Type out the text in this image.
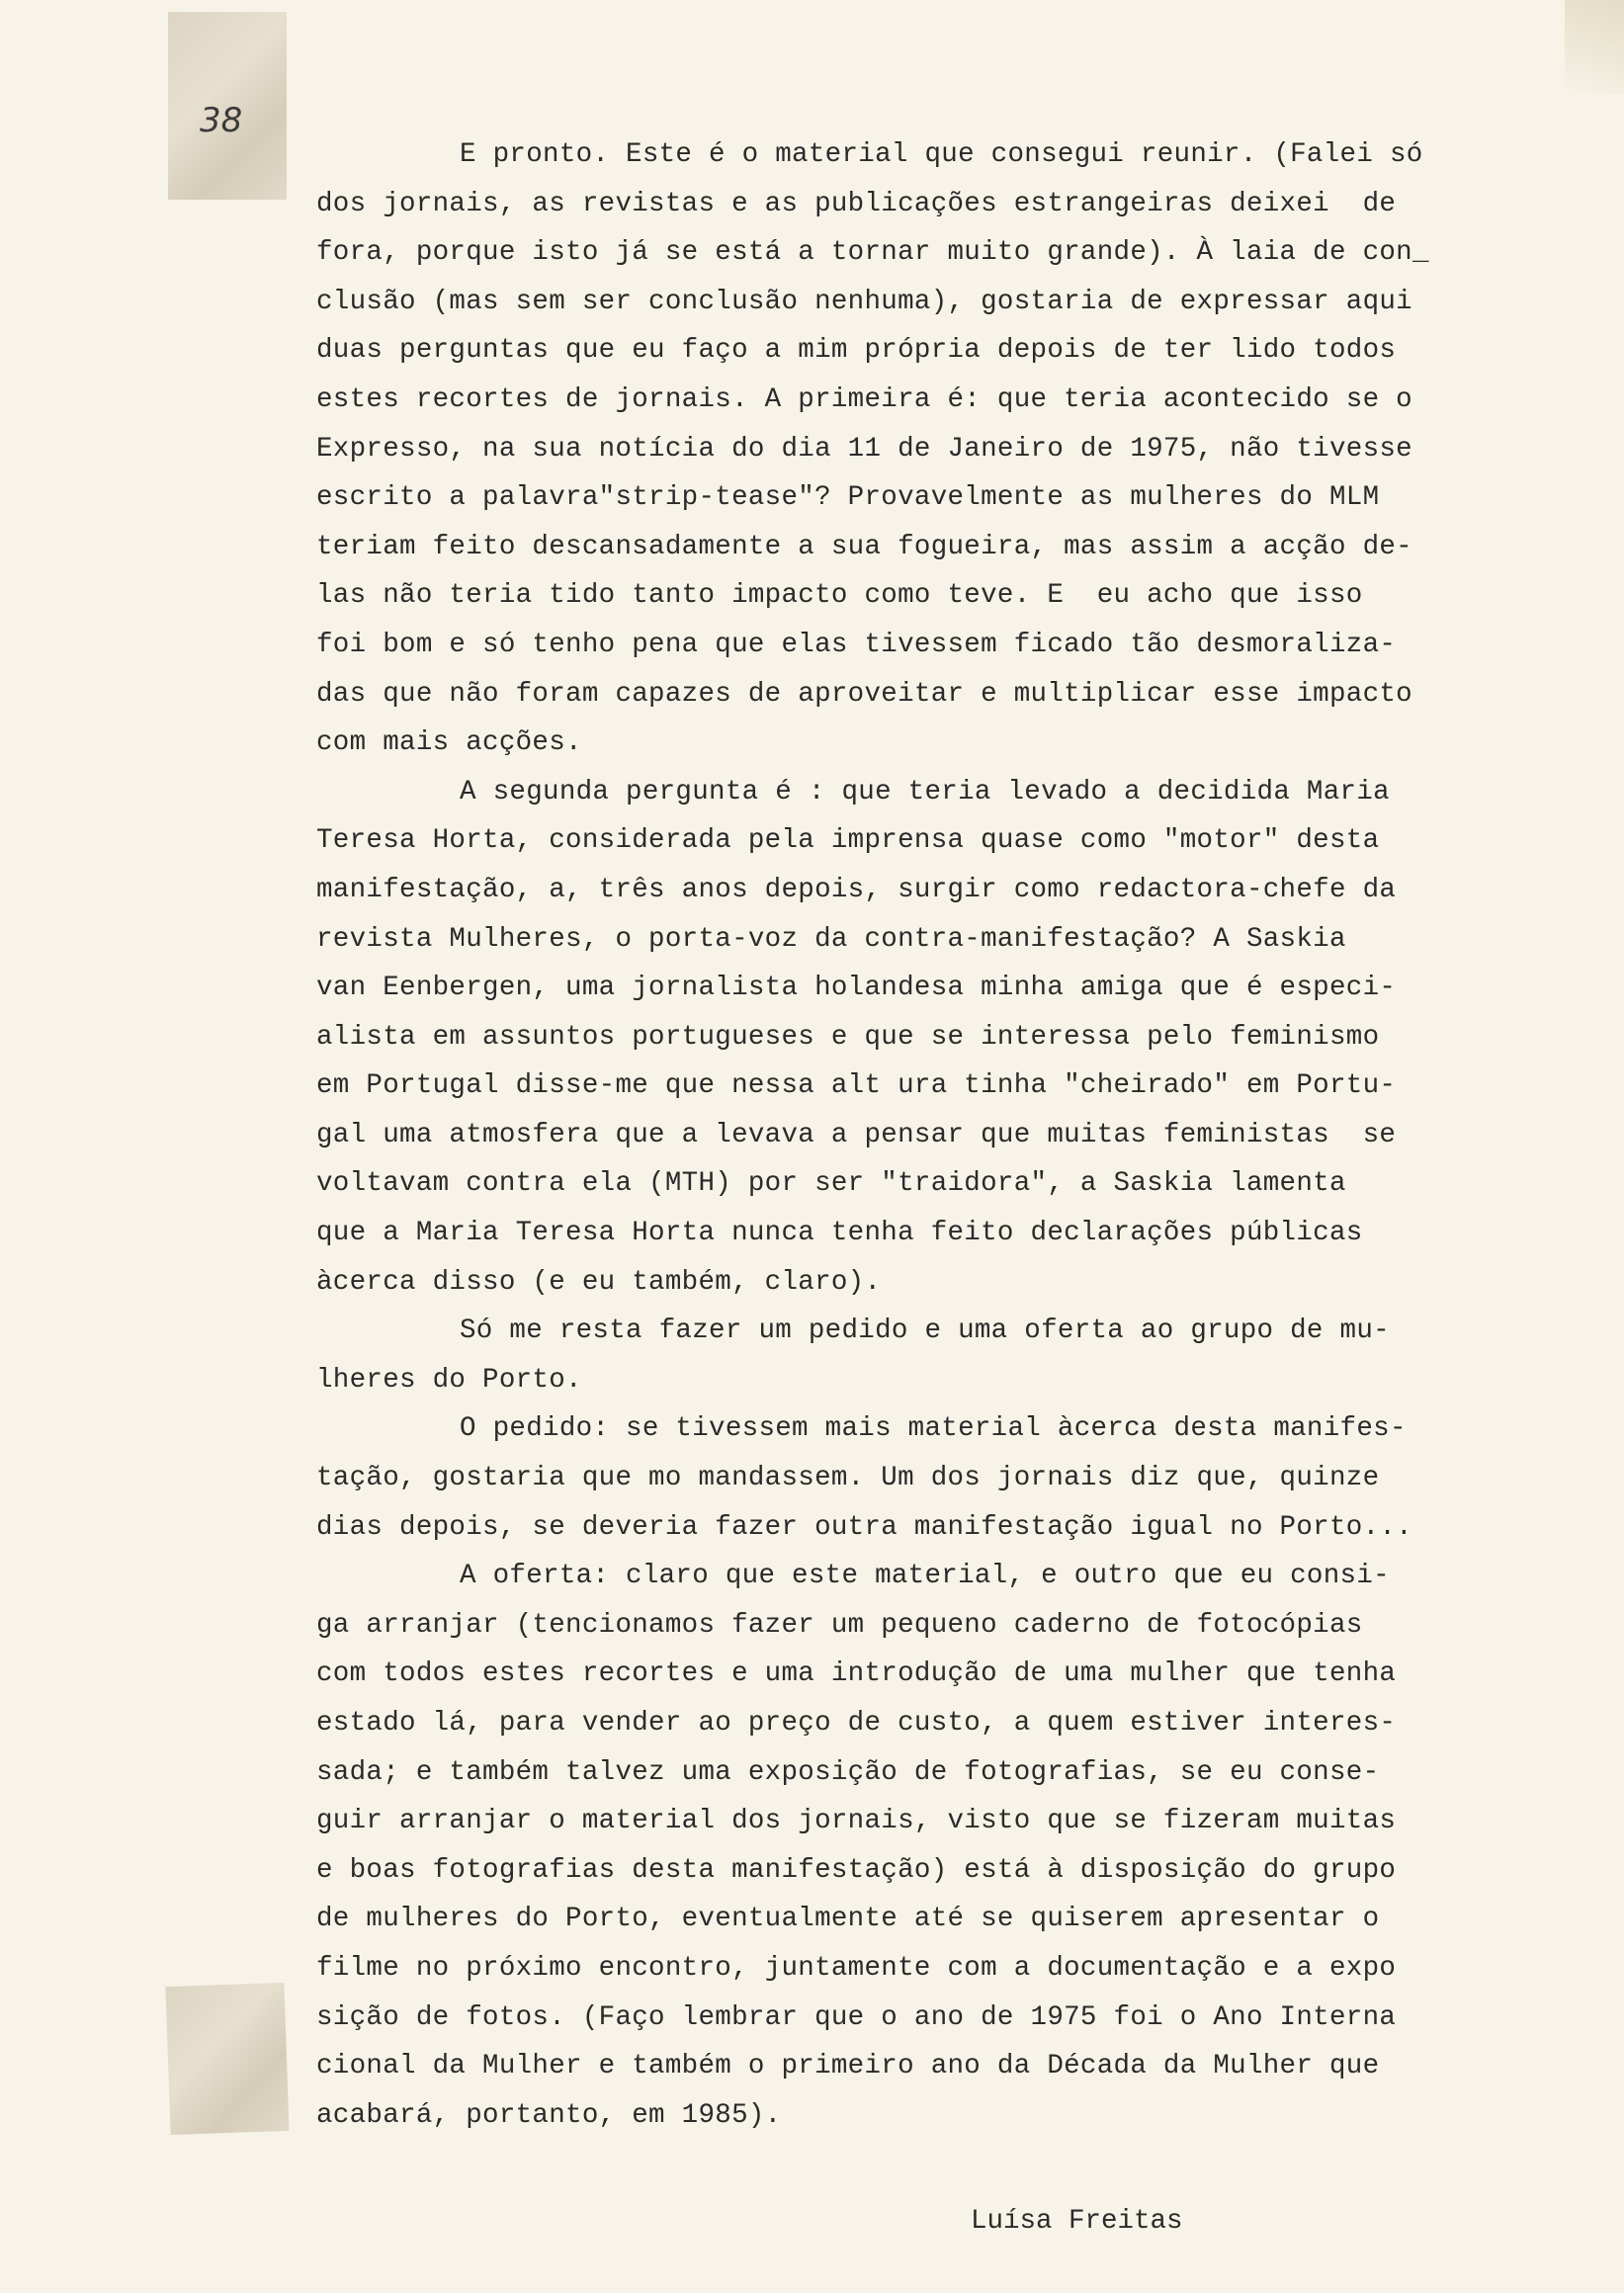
38
E pronto. Este é o material que consegui reunir. (Falei só
dos jornais, as revistas e as publicações estrangeiras deixei  de
fora, porque isto já se está a tornar muito grande). À laia de con_
clusão (mas sem ser conclusão nenhuma), gostaria de expressar aqui
duas perguntas que eu faço a mim própria depois de ter lido todos
estes recortes de jornais. A primeira é: que teria acontecido se o
Expresso, na sua notícia do dia 11 de Janeiro de 1975, não tivesse
escrito a palavra"strip-tease"? Provavelmente as mulheres do MLM
teriam feito descansadamente a sua fogueira, mas assim a acção de-
las não teria tido tanto impacto como teve. E  eu acho que isso
foi bom e só tenho pena que elas tivessem ficado tão desmoraliza-
das que não foram capazes de aproveitar e multiplicar esse impacto
com mais acções.
A segunda pergunta é : que teria levado a decidida Maria
Teresa Horta, considerada pela imprensa quase como "motor" desta
manifestação, a, três anos depois, surgir como redactora-chefe da
revista Mulheres, o porta-voz da contra-manifestação? A Saskia
van Eenbergen, uma jornalista holandesa minha amiga que é especi-
alista em assuntos portugueses e que se interessa pelo feminismo
em Portugal disse-me que nessa alt ura tinha "cheirado" em Portu-
gal uma atmosfera que a levava a pensar que muitas feministas  se
voltavam contra ela (MTH) por ser "traidora", a Saskia lamenta
que a Maria Teresa Horta nunca tenha feito declarações públicas
àcerca disso (e eu também, claro).
Só me resta fazer um pedido e uma oferta ao grupo de mu-
lheres do Porto.
O pedido: se tivessem mais material àcerca desta manifes-
tação, gostaria que mo mandassem. Um dos jornais diz que, quinze
dias depois, se deveria fazer outra manifestação igual no Porto...
A oferta: claro que este material, e outro que eu consi-
ga arranjar (tencionamos fazer um pequeno caderno de fotocópias
com todos estes recortes e uma introdução de uma mulher que tenha
estado lá, para vender ao preço de custo, a quem estiver interes-
sada; e também talvez uma exposição de fotografias, se eu conse-
guir arranjar o material dos jornais, visto que se fizeram muitas
e boas fotografias desta manifestação) está à disposição do grupo
de mulheres do Porto, eventualmente até se quiserem apresentar o
filme no próximo encontro, juntamente com a documentação e a expo
sição de fotos. (Faço lembrar que o ano de 1975 foi o Ano Interna
cional da Mulher e também o primeiro ano da Década da Mulher que
acabará, portanto, em 1985).
Luísa Freitas
